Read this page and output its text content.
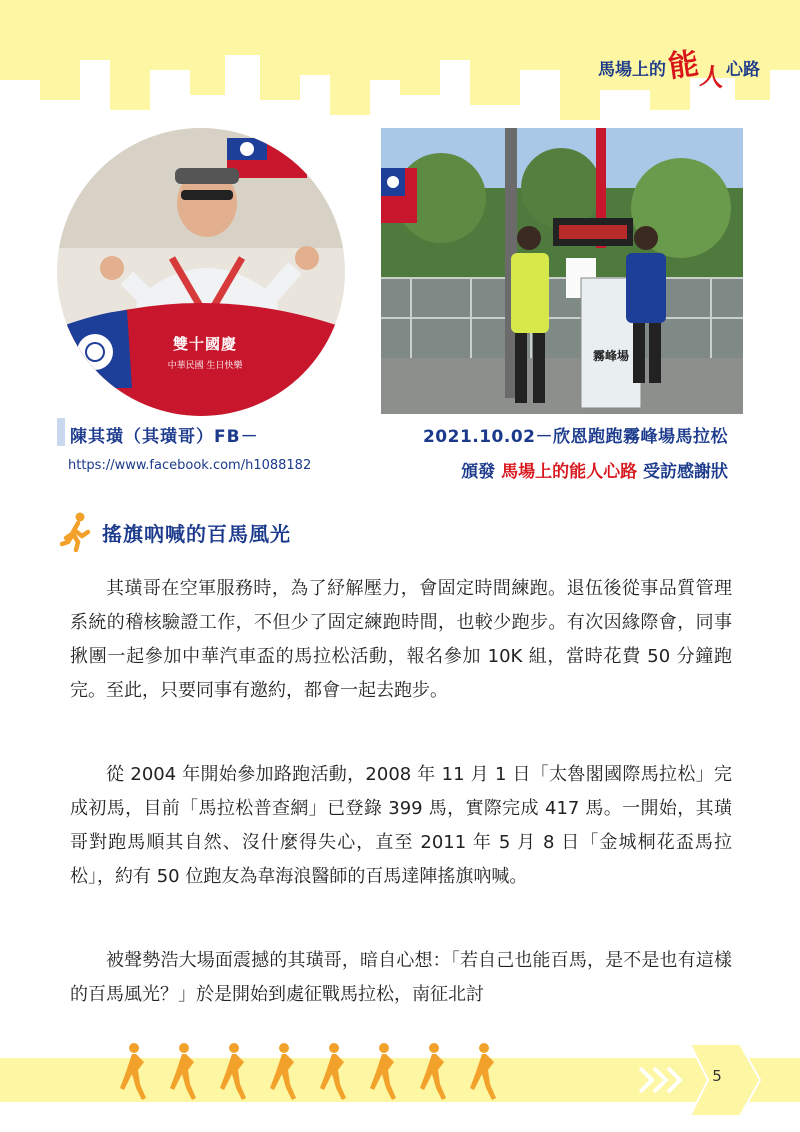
馬場上的 能
人 心路
雙十國慶
中華民國 生日快樂
霧峰場
陳其璜（其璜哥）FB－
https://www.facebook.com/h1088182
2021.10.02－欣恩跑跑霧峰場馬拉松
頒發 馬場上的能人心路 受訪感謝狀
搖旗吶喊的百馬風光

其璜哥在空軍服務時，為了紓解壓力，會固定時間練跑。退伍後從事品質管理系統的稽核驗證工作，不但少了固定練跑時間，也較少跑步。有次因緣際會，同事揪團一起參加中華汽車盃的馬拉松活動，報名參加 10K 組，當時花費 50 分鐘跑完。至此，只要同事有邀約，都會一起去跑步。

從 2004 年開始參加路跑活動，2008 年 11 月 1 日「太魯閣國際馬拉松」完成初馬，目前「馬拉松普查網」已登錄 399 馬，實際完成 417 馬。一開始，其璜哥對跑馬順其自然、沒什麼得失心，直至 2011 年 5 月 8 日「金城桐花盃馬拉松」，約有 50 位跑友為韋海浪醫師的百馬達陣搖旗吶喊。

被聲勢浩大場面震撼的其璜哥，暗自心想：「若自己也能百馬，是不是也有這樣的百馬風光？」於是開始到處征戰馬拉松，南征北討

5
